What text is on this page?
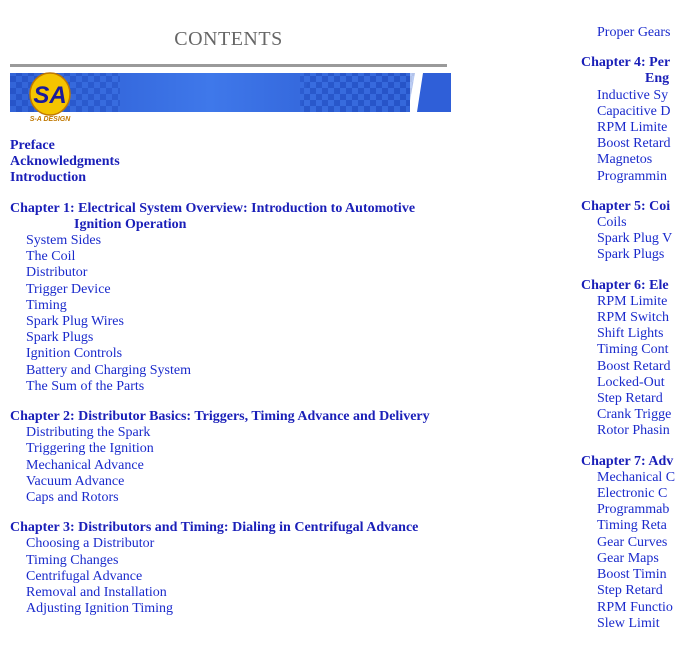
CONTENTS
SA
S-A DESIGN
Preface
Acknowledgments
Introduction
Chapter 1: Electrical System Overview: Introduction to Automotive
Ignition Operation
System Sides
The Coil
Distributor
Trigger Device
Timing
Spark Plug Wires
Spark Plugs
Ignition Controls
Battery and Charging System
The Sum of the Parts
Chapter 2: Distributor Basics: Triggers, Timing Advance and Delivery
Distributing the Spark
Triggering the Ignition
Mechanical Advance
Vacuum Advance
Caps and Rotors
Chapter 3: Distributors and Timing: Dialing in Centrifugal Advance
Choosing a Distributor
Timing Changes
Centrifugal Advance
Removal and Installation
Adjusting Ignition Timing
Proper Gears
Chapter 4: Per
Eng
Inductive Sy
Capacitive D
RPM Limite
Boost Retard
Magnetos
Programmin
Chapter 5: Coi
Coils
Spark Plug V
Spark Plugs
Chapter 6: Ele
RPM Limite
RPM Switch
Shift Lights
Timing Cont
Boost Retard
Locked-Out
Step Retard
Crank Trigge
Rotor Phasin
Chapter 7: Adv
Mechanical C
Electronic C
Programmab
Timing Reta
Gear Curves
Gear Maps
Boost Timin
Step Retard
RPM Functio
Slew Limit
